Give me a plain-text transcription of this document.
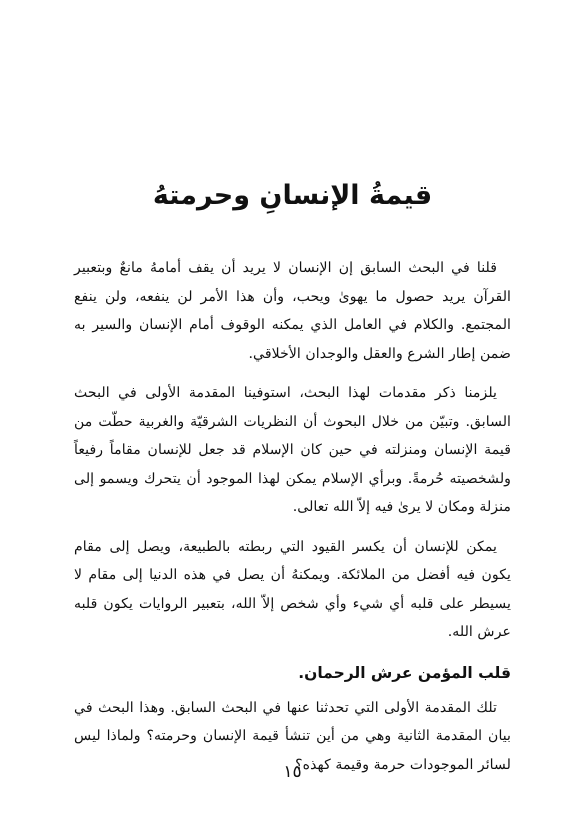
قيمةُ الإنسانِ وحرمتهُ

قلنا في البحث السابق إن الإنسان لا يريد أن يقف أمامهُ مانعٌ وبتعبير القرآن يريد حصول ما يهوىٰ ويحب، وأن هذا الأمر لن ينفعه، ولن ينفع المجتمع. والكلام في العامل الذي يمكنه الوقوف أمام الإنسان والسير به ضمن إطار الشرع والعقل والوجدان الأخلاقي.

يلزمنا ذكر مقدمات لهذا البحث، استوفينا المقدمة الأولى في البحث السابق. وتبيّن من خلال البحوث أن النظريات الشرقيّة والغربية حطّت من قيمة الإنسان ومنزلته في حين كان الإسلام قد جعل للإنسان مقاماً رفيعاً ولشخصيته حُرمةً. وبرأي الإسلام يمكن لهذا الموجود أن يتحرك ويسمو إلى منزلة ومكان لا يرىٰ فيه إلاّ الله تعالى.

يمكن للإنسان أن يكسر القيود التي ربطته بالطبيعة، ويصل إلى مقام يكون فيه أفضل من الملائكة. ويمكنهُ أن يصل في هذه الدنيا إلى مقام لا يسيطر على قلبه أي شيء وأي شخص إلاّ الله، بتعبير الروايات يكون قلبه عرش الله.

قلب المؤمن عرش الرحمان.

تلك المقدمة الأولى التي تحدثنا عنها في البحث السابق. وهذا البحث في بيان المقدمة الثانية وهي من أين تنشأ قيمة الإنسان وحرمته؟ ولماذا ليس لسائر الموجودات حرمة وقيمة كهذه؟

١٥
